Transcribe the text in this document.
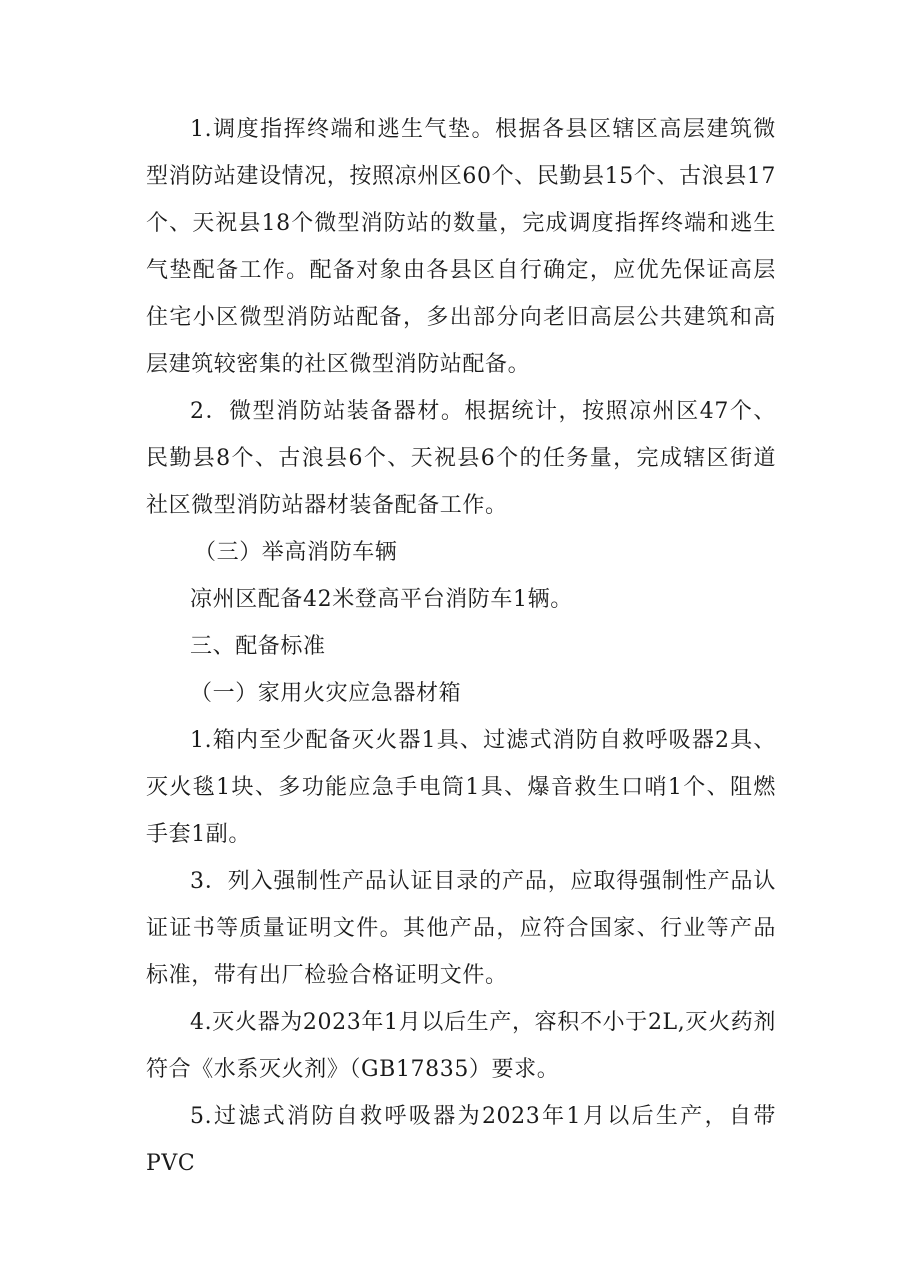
1.调度指挥终端和逃生气垫。根据各县区辖区高层建筑微型消防站建设情况，按照凉州区60个、民勤县15个、古浪县17个、天祝县18个微型消防站的数量，完成调度指挥终端和逃生气垫配备工作。配备对象由各县区自行确定，应优先保证高层住宅小区微型消防站配备，多出部分向老旧高层公共建筑和高层建筑较密集的社区微型消防站配备。
2．微型消防站装备器材。根据统计，按照凉州区47个、民勤县8个、古浪县6个、天祝县6个的任务量，完成辖区街道社区微型消防站器材装备配备工作。
（三）举高消防车辆
凉州区配备42米登高平台消防车1辆。
三、配备标准
（一）家用火灾应急器材箱
1.箱内至少配备灭火器1具、过滤式消防自救呼吸器2具、灭火毯1块、多功能应急手电筒1具、爆音救生口哨1个、阻燃手套1副。
3．列入强制性产品认证目录的产品，应取得强制性产品认证证书等质量证明文件。其他产品，应符合国家、行业等产品标准，带有出厂检验合格证明文件。
4.灭火器为2023年1月以后生产，容积不小于2L,灭火药剂符合《水系灭火剂》（GB17835）要求。
5.过滤式消防自救呼吸器为2023年1月以后生产，自带PVC
